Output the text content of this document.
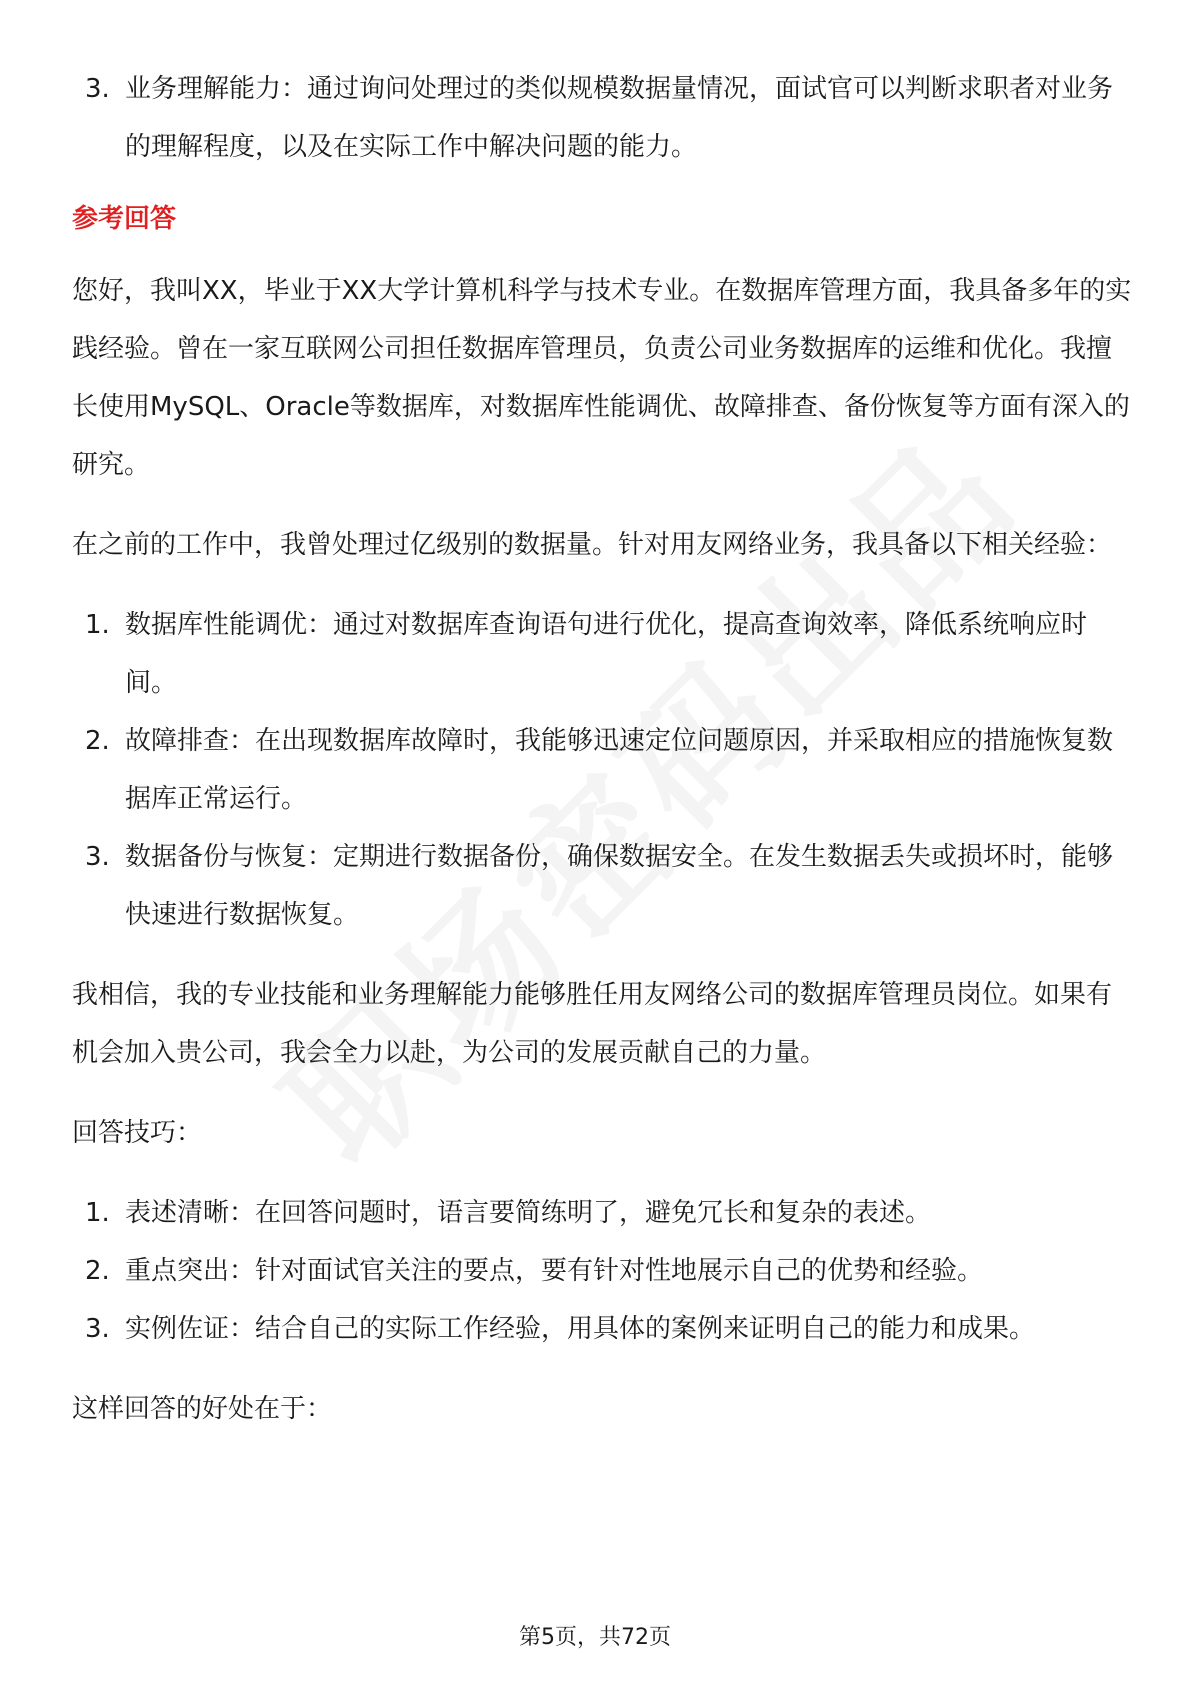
3. 业务理解能力：通过询问处理过的类似规模数据量情况，面试官可以判断求职者对业务的理解程度，以及在实际工作中解决问题的能力。
参考回答

您好，我叫XX，毕业于XX大学计算机科学与技术专业。在数据库管理方面，我具备多年的实践经验。曾在一家互联网公司担任数据库管理员，负责公司业务数据库的运维和优化。我擅长使用MySQL、Oracle等数据库，对数据库性能调优、故障排查、备份恢复等方面有深入的研究。

在之前的工作中，我曾处理过亿级别的数据量。针对用友网络业务，我具备以下相关经验：

1. 数据库性能调优：通过对数据库查询语句进行优化，提高查询效率，降低系统响应时间。
2. 故障排查：在出现数据库故障时，我能够迅速定位问题原因，并采取相应的措施恢复数据库正常运行。
3. 数据备份与恢复：定期进行数据备份，确保数据安全。在发生数据丢失或损坏时，能够快速进行数据恢复。

我相信，我的专业技能和业务理解能力能够胜任用友网络公司的数据库管理员岗位。如果有机会加入贵公司，我会全力以赴，为公司的发展贡献自己的力量。

回答技巧：

1. 表述清晰：在回答问题时，语言要简练明了，避免冗长和复杂的表述。
2. 重点突出：针对面试官关注的要点，要有针对性地展示自己的优势和经验。
3. 实例佐证：结合自己的实际工作经验，用具体的案例来证明自己的能力和成果。

这样回答的好处在于：

第5页，共72页
